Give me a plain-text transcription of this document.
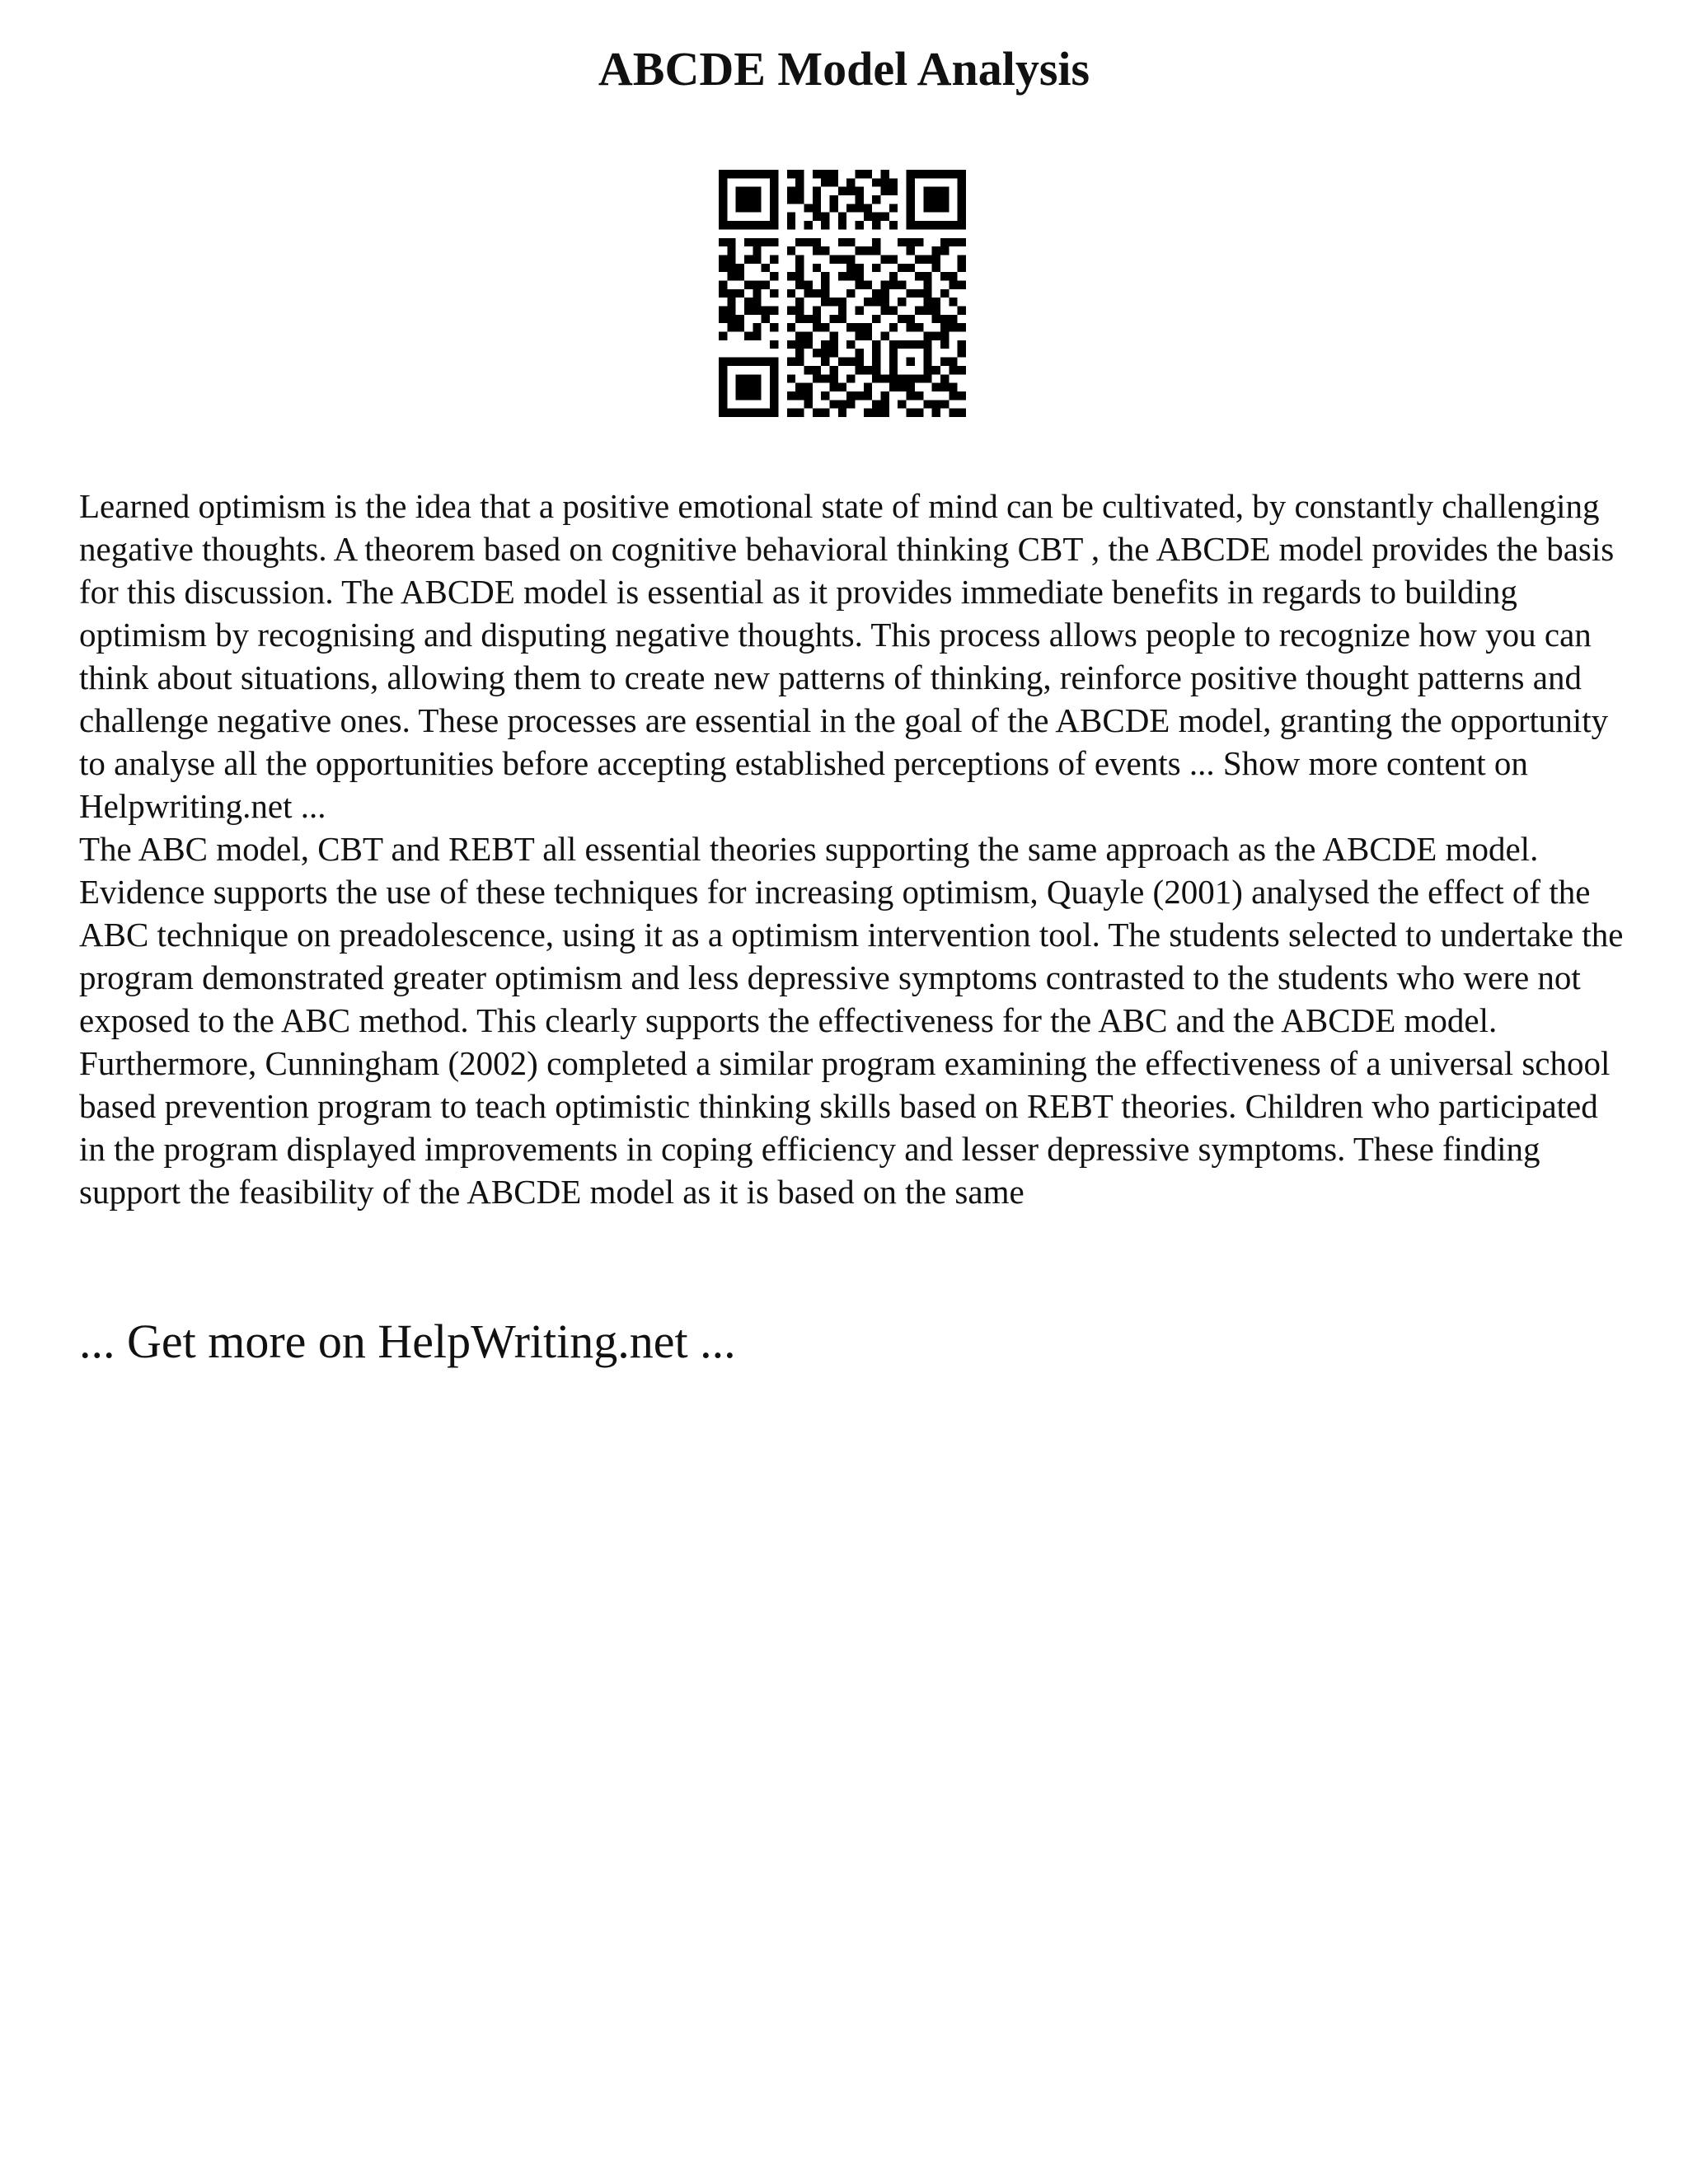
ABCDE Model Analysis

Learned optimism is the idea that a positive emotional state of mind can be cultivated, by constantly challenging negative thoughts. A theorem based on cognitive behavioral thinking CBT , the ABCDE model provides the basis for this discussion. The ABCDE model is essential as it provides immediate benefits in regards to building optimism by recognising and disputing negative thoughts. This process allows people to recognize how you can think about situations, allowing them to create new patterns of thinking, reinforce positive thought patterns and challenge negative ones. These processes are essential in the goal of the ABCDE model, granting the opportunity to analyse all the opportunities before accepting established perceptions of events ... Show more content on Helpwriting.net ...

The ABC model, CBT and REBT all essential theories supporting the same approach as the ABCDE model. Evidence supports the use of these techniques for increasing optimism, Quayle (2001) analysed the effect of the ABC technique on preadolescence, using it as a optimism intervention tool. The students selected to undertake the program demonstrated greater optimism and less depressive symptoms contrasted to the students who were not exposed to the ABC method. This clearly supports the effectiveness for the ABC and the ABCDE model. Furthermore, Cunningham (2002) completed a similar program examining the effectiveness of a universal school based prevention program to teach optimistic thinking skills based on REBT theories. Children who participated in the program displayed improvements in coping efficiency and lesser depressive symptoms. These finding support the feasibility of the ABCDE model as it is based on the same

... Get more on HelpWriting.net ...
